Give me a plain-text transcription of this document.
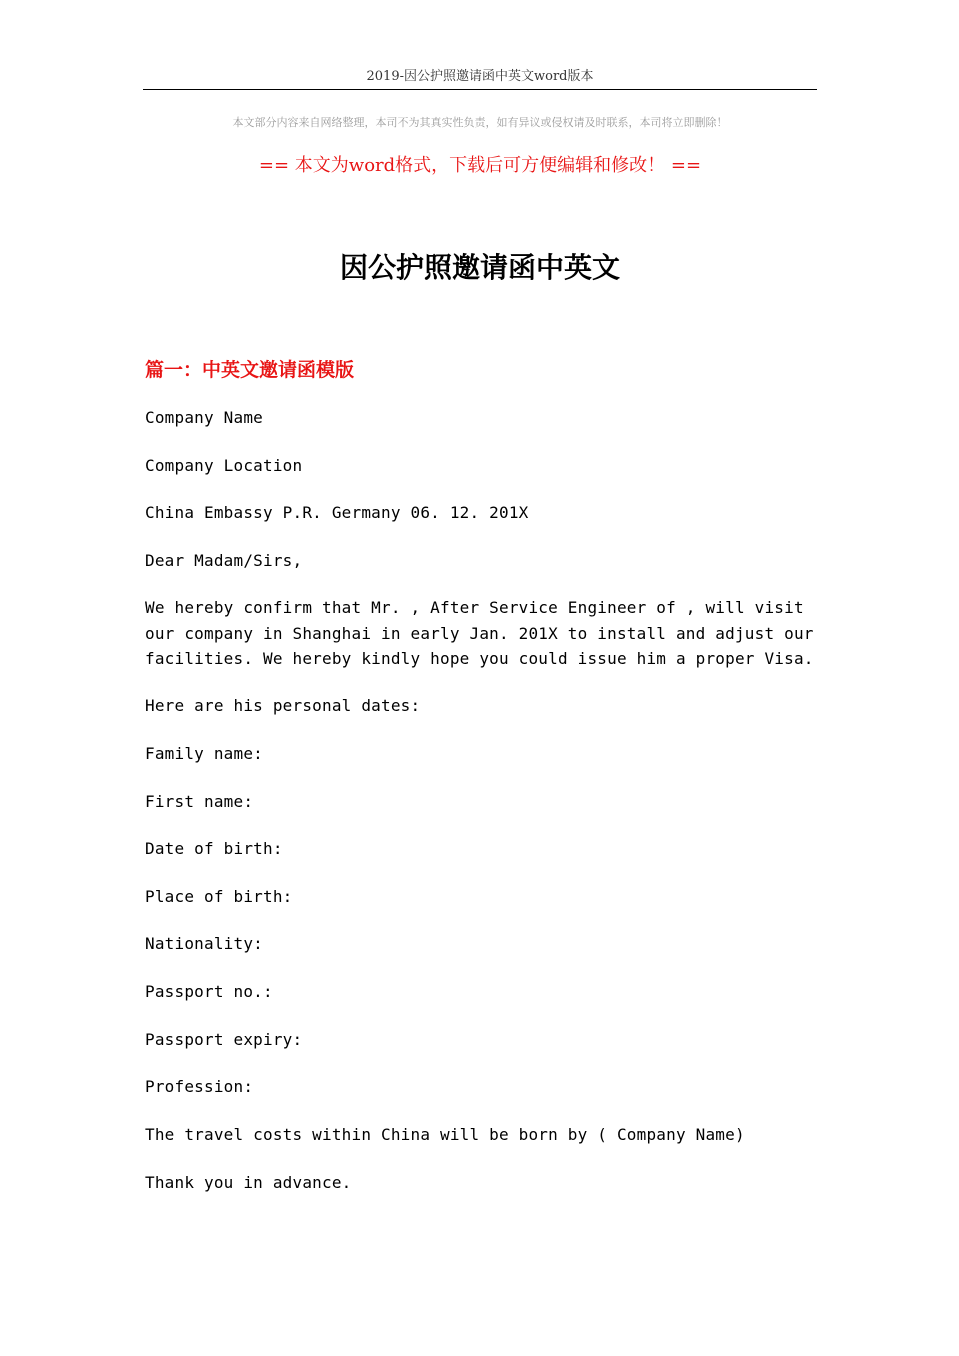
2019-因公护照邀请函中英文word版本
本文部分内容来自网络整理，本司不为其真实性负责，如有异议或侵权请及时联系，本司将立即删除！
== 本文为word格式，下载后可方便编辑和修改！ ==
因公护照邀请函中英文
篇一：中英文邀请函模版
Company Name
Company Location
China Embassy P.R. Germany 06. 12. 201X
Dear Madam/Sirs,
We hereby confirm that Mr. , After Service Engineer of , will visit
our company in Shanghai in early Jan. 201X to install and adjust our
facilities. We hereby kindly hope you could issue him a proper Visa.
Here are his personal dates:
Family name:
First name:
Date of birth:
Place of birth:
Nationality:
Passport no.:
Passport expiry:
Profession:
The travel costs within China will be born by ( Company Name)
Thank you in advance.
